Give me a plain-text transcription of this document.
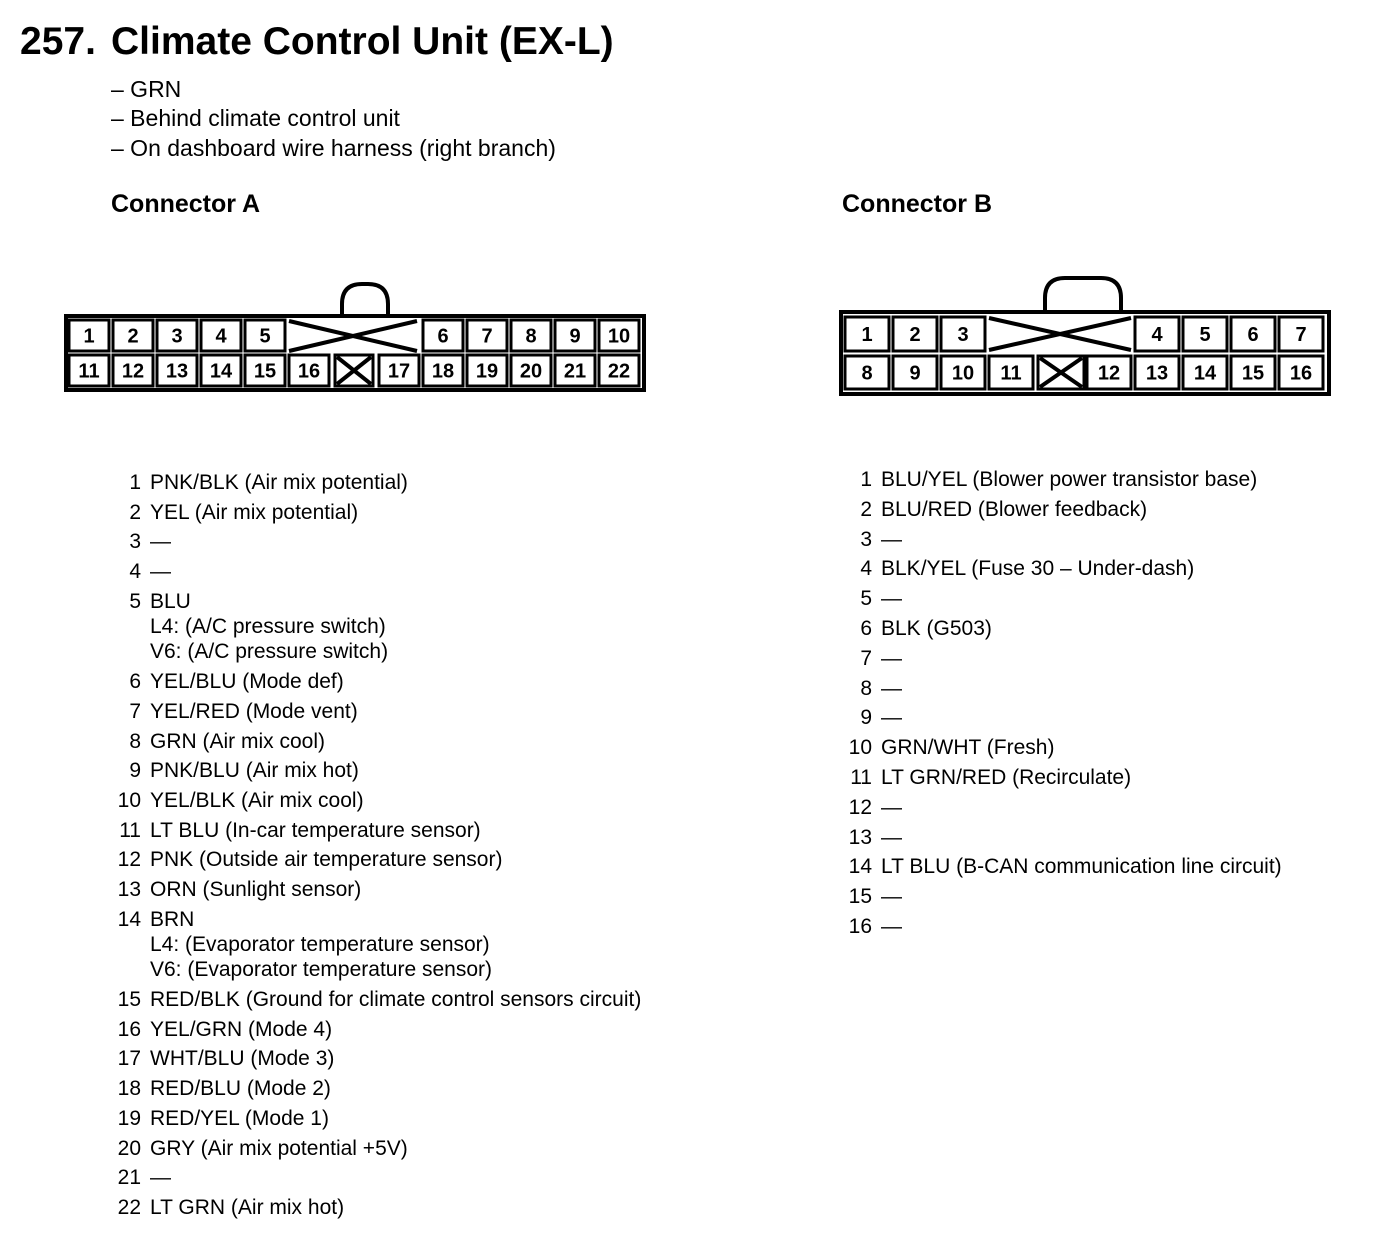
257. Climate Control Unit (EX-L)
– GRN
– Behind climate control unit
– On dashboard wire harness (right branch)
Connector A	Connector B
1 2 3 4 5	6 7 8 9 10
11 12 13 14 15 16	17 18 19 20 21 22
1 2 3	4 5 6 7
8 9 10 11	12 13 14 15 16
1 PNK/BLK (Air mix potential)
2 YEL (Air mix potential)
3 —
4 —
5 BLU
L4: (A/C pressure switch)
V6: (A/C pressure switch)
6 YEL/BLU (Mode def)
7 YEL/RED (Mode vent)
8 GRN (Air mix cool)
9 PNK/BLU (Air mix hot)
10 YEL/BLK (Air mix cool)
11 LT BLU (In-car temperature sensor)
12 PNK (Outside air temperature sensor)
13 ORN (Sunlight sensor)
14 BRN
L4: (Evaporator temperature sensor)
V6: (Evaporator temperature sensor)
15 RED/BLK (Ground for climate control sensors circuit)
16 YEL/GRN (Mode 4)
17 WHT/BLU (Mode 3)
18 RED/BLU (Mode 2)
19 RED/YEL (Mode 1)
20 GRY (Air mix potential +5V)
21 —
22 LT GRN (Air mix hot)
1 BLU/YEL (Blower power transistor base)
2 BLU/RED (Blower feedback)
3 —
4 BLK/YEL (Fuse 30 – Under-dash)
5 —
6 BLK (G503)
7 —
8 —
9 —
10 GRN/WHT (Fresh)
11 LT GRN/RED (Recirculate)
12 —
13 —
14 LT BLU (B-CAN communication line circuit)
15 —
16 —
